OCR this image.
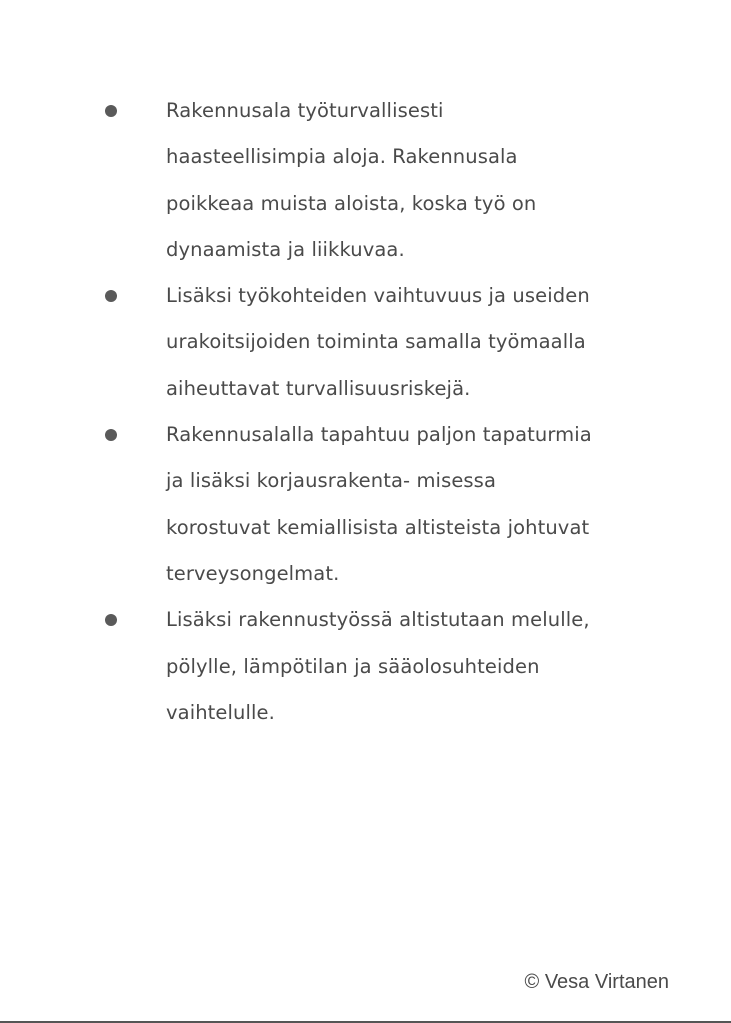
Rakennusala työturvallisesti
haasteellisimpia aloja. Rakennusala
poikkeaa muista aloista, koska työ on
dynaamista ja liikkuvaa.
Lisäksi työkohteiden vaihtuvuus ja useiden
urakoitsijoiden toiminta samalla työmaalla
aiheuttavat turvallisuusriskejä.
Rakennusalalla tapahtuu paljon tapaturmia
ja lisäksi korjausrakenta- misessa
korostuvat kemiallisista altisteista johtuvat
terveysongelmat.
Lisäksi rakennustyössä altistutaan melulle,
pölylle, lämpötilan ja sääolosuhteiden
vaihtelulle.
© Vesa Virtanen
